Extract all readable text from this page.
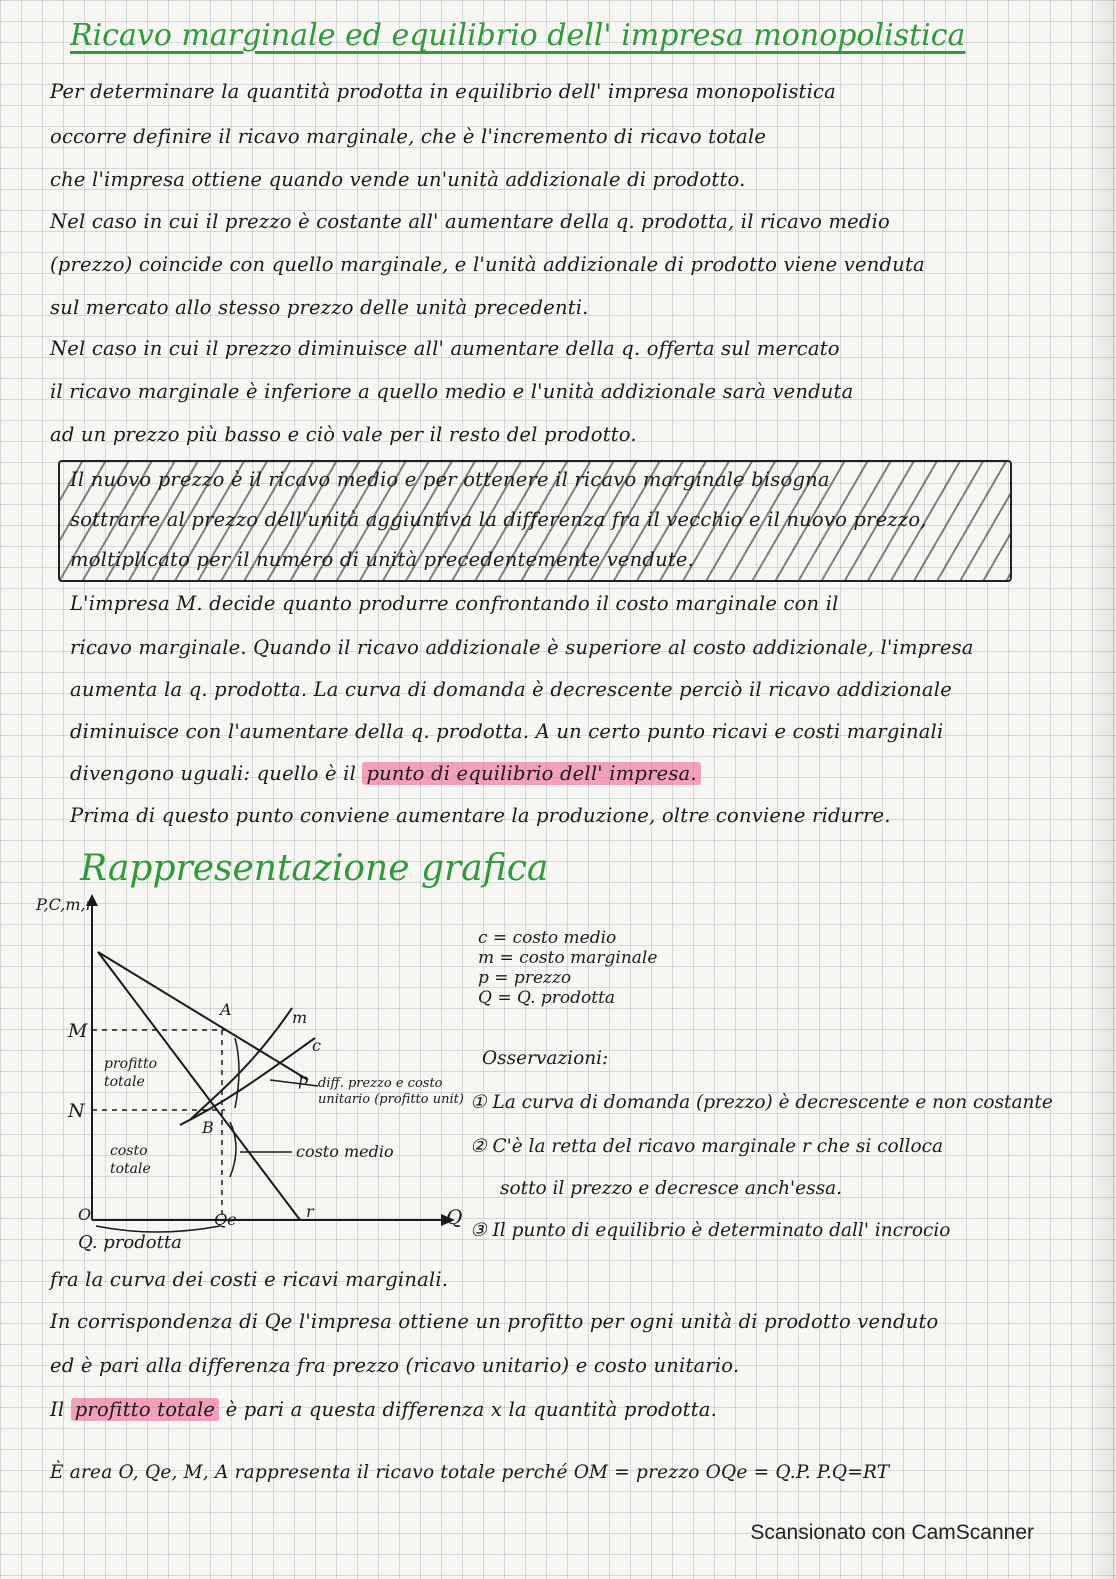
Ricavo marginale ed equilibrio dell' impresa monopolistica
Per determinare la quantità prodotta in equilibrio dell' impresa monopolistica
occorre definire il ricavo marginale, che è l'incremento di ricavo totale
che l'impresa ottiene quando vende un'unità addizionale di prodotto.
Nel caso in cui il prezzo è costante all' aumentare della q. prodotta, il ricavo medio
(prezzo) coincide con quello marginale, e l'unità addizionale di prodotto viene venduta
sul mercato allo stesso prezzo delle unità precedenti.
Nel caso in cui il prezzo diminuisce all' aumentare della q. offerta sul mercato
il ricavo marginale è inferiore a quello medio e l'unità addizionale sarà venduta
ad un prezzo più basso e ciò vale per il resto del prodotto.
Il nuovo prezzo è il ricavo medio e per ottenere il ricavo marginale bisogna
sottrarre al prezzo dell'unità aggiuntiva la differenza fra il vecchio e il nuovo prezzo,
moltiplicato per il numero di unità precedentemente vendute.
L'impresa M. decide quanto produrre confrontando il costo marginale con il
ricavo marginale. Quando il ricavo addizionale è superiore al costo addizionale, l'impresa
aumenta la q. prodotta. La curva di domanda è decrescente perciò il ricavo addizionale
diminuisce con l'aumentare della q. prodotta. A un certo punto ricavi e costi marginali
divengono uguali: quello è il punto di equilibrio dell' impresa.
Prima di questo punto conviene aumentare la produzione, oltre conviene ridurre.
Rappresentazione grafica
P,C,m,r
Q
O
M
N
A
B
m
c
p
r
Qe
profitto
totale
costo
totale
diff. prezzo e costo
unitario (profitto unit)
costo medio
Q. prodotta
c = costo medio
m = costo marginale
p = prezzo
Q = Q. prodotta
Osservazioni:
① La curva di domanda (prezzo) è decrescente e non costante
② C'è la retta del ricavo marginale r che si colloca
sotto il prezzo e decresce anch'essa.
③ Il punto di equilibrio è determinato dall' incrocio
fra la curva dei costi e ricavi marginali.
In corrispondenza di Qe l'impresa ottiene un profitto per ogni unità di prodotto venduto
ed è pari alla differenza fra prezzo (ricavo unitario) e costo unitario.
Il profitto totale è pari a questa differenza x la quantità prodotta.
È area O, Qe, M, A rappresenta il ricavo totale perché OM = prezzo OQe = Q.P. P.Q=RT
Scansionato con CamScanner
